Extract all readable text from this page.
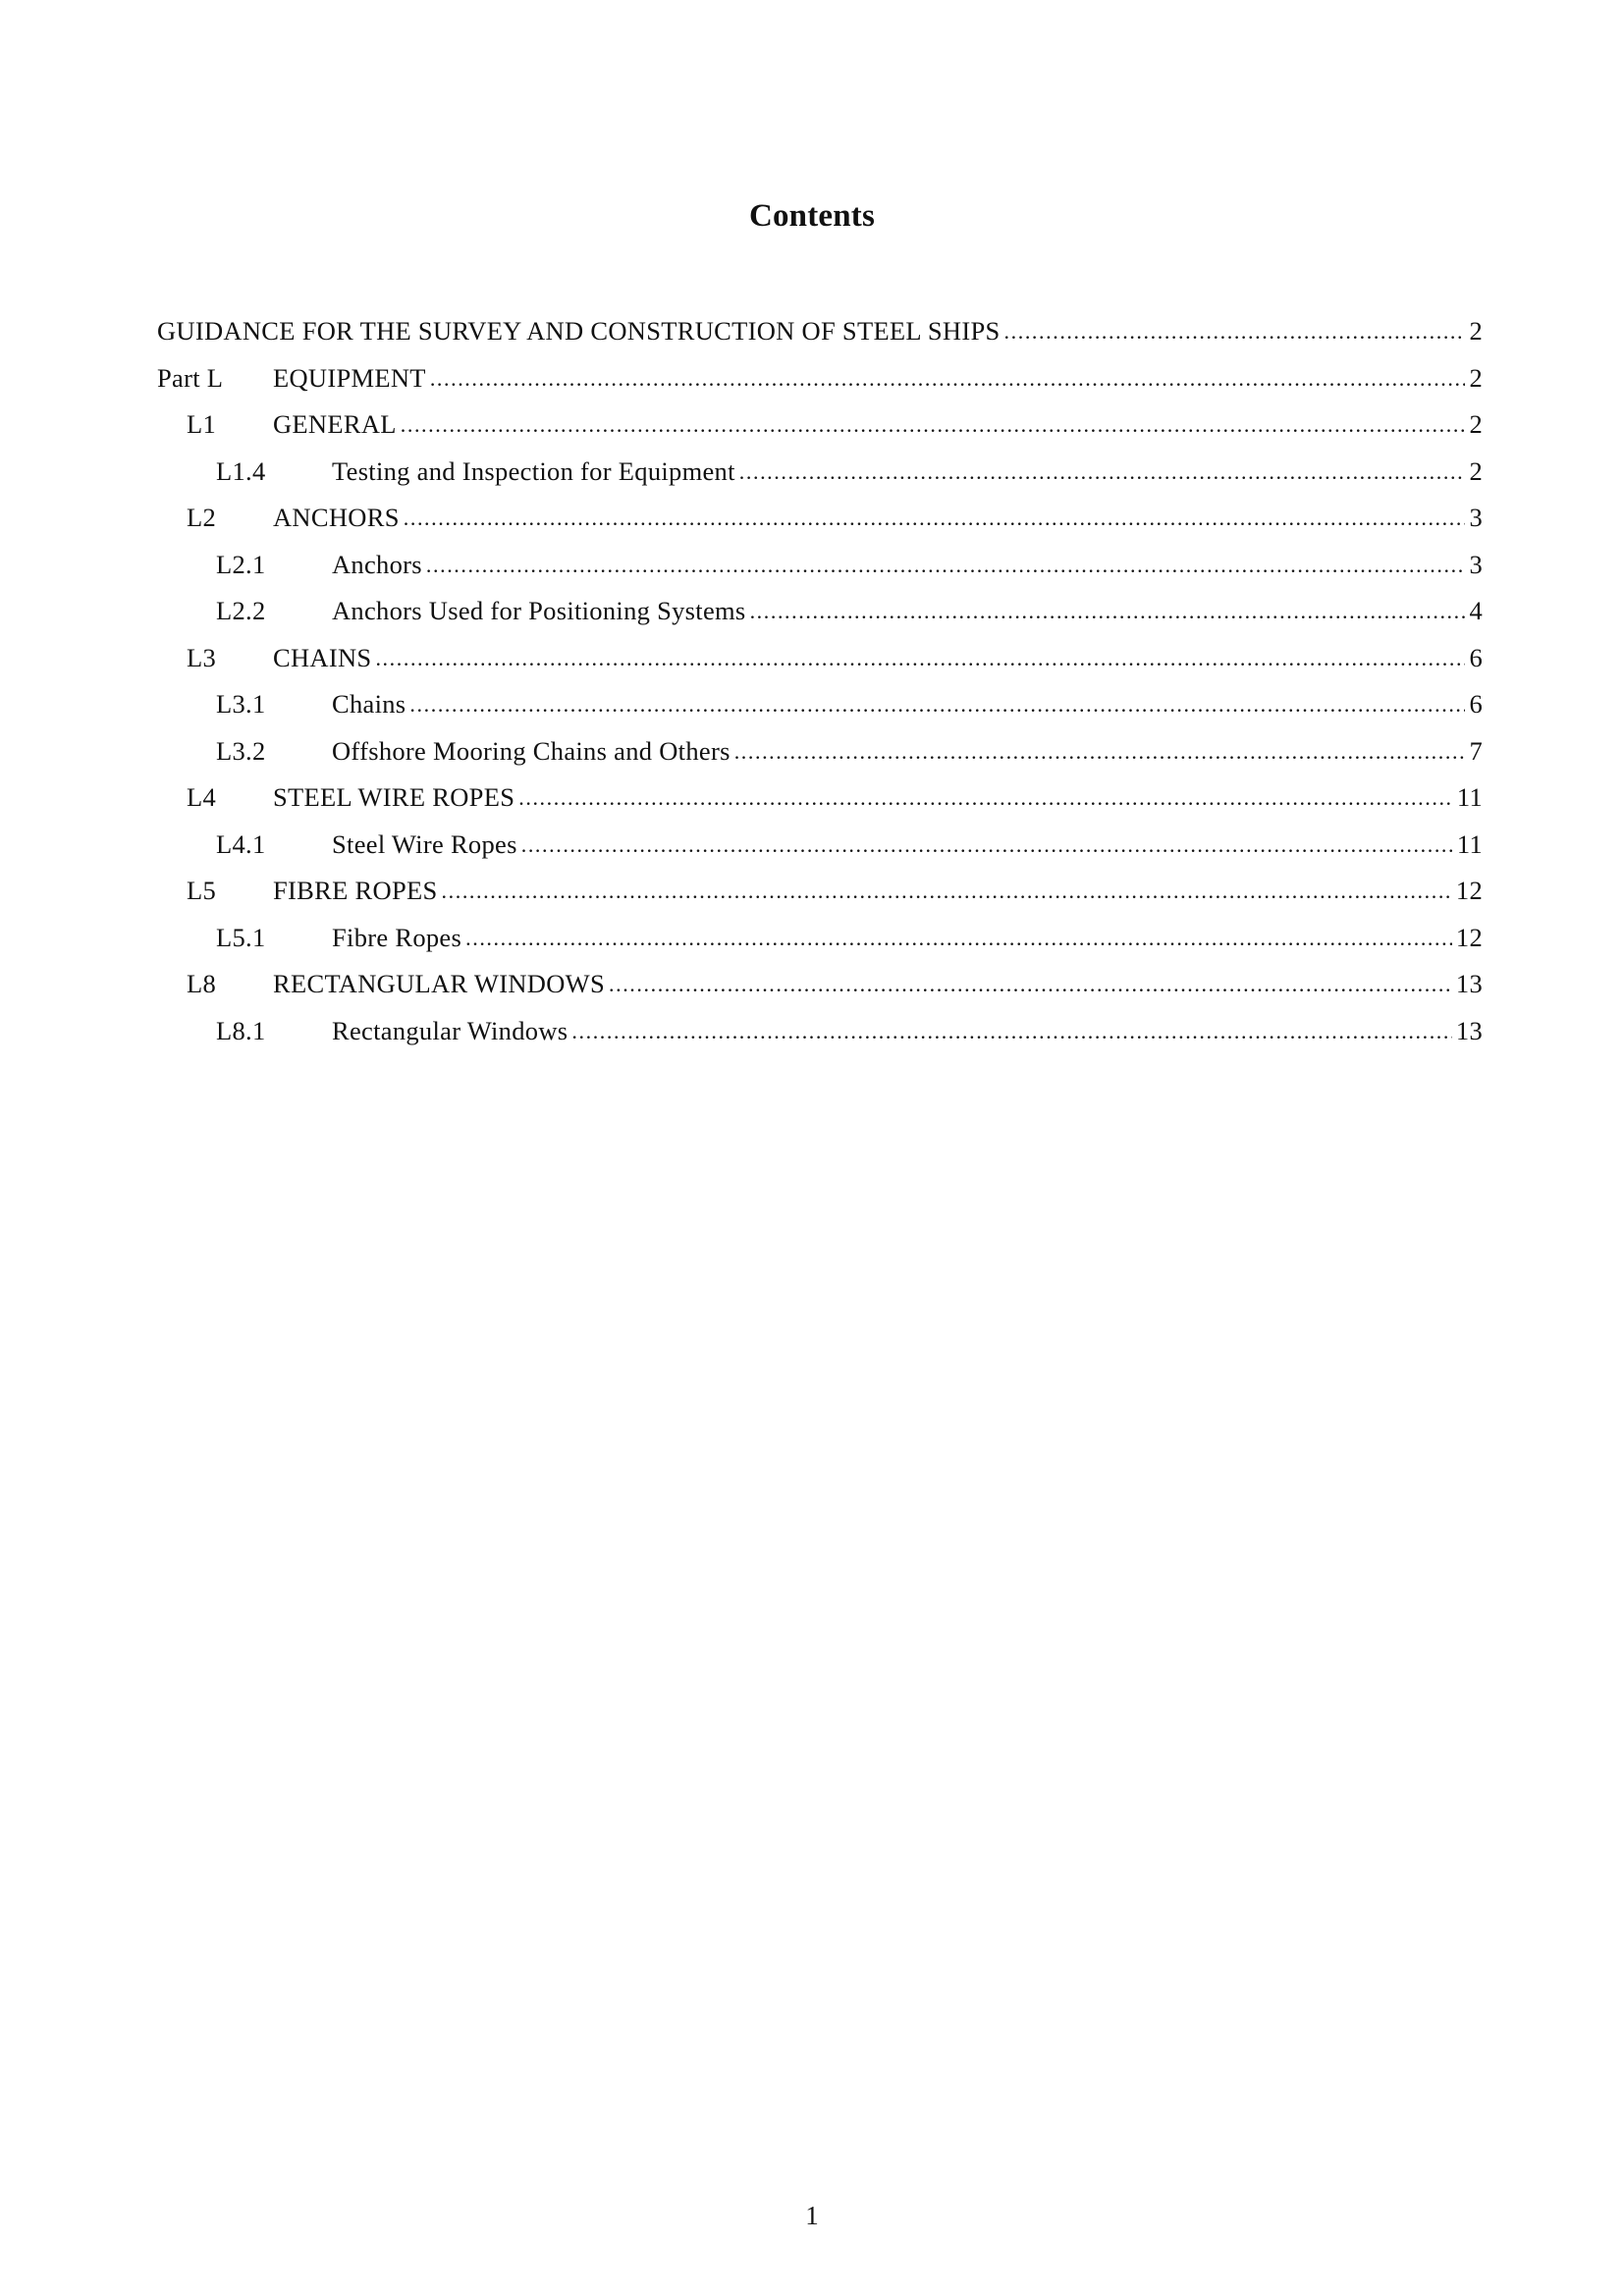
Contents
GUIDANCE FOR THE SURVEY AND CONSTRUCTION OF STEEL SHIPS .....	2
Part L	EQUIPMENT .....	2
L1	GENERAL .....	2
L1.4	Testing and Inspection for Equipment .....	2
L2	ANCHORS .....	3
L2.1	Anchors .....	3
L2.2	Anchors Used for Positioning Systems .....	4
L3	CHAINS .....	6
L3.1	Chains .....	6
L3.2	Offshore Mooring Chains and Others .....	7
L4	STEEL WIRE ROPES .....	11
L4.1	Steel Wire Ropes .....	11
L5	FIBRE ROPES .....	12
L5.1	Fibre Ropes .....	12
L8	RECTANGULAR WINDOWS .....	13
L8.1	Rectangular Windows .....	13
1
